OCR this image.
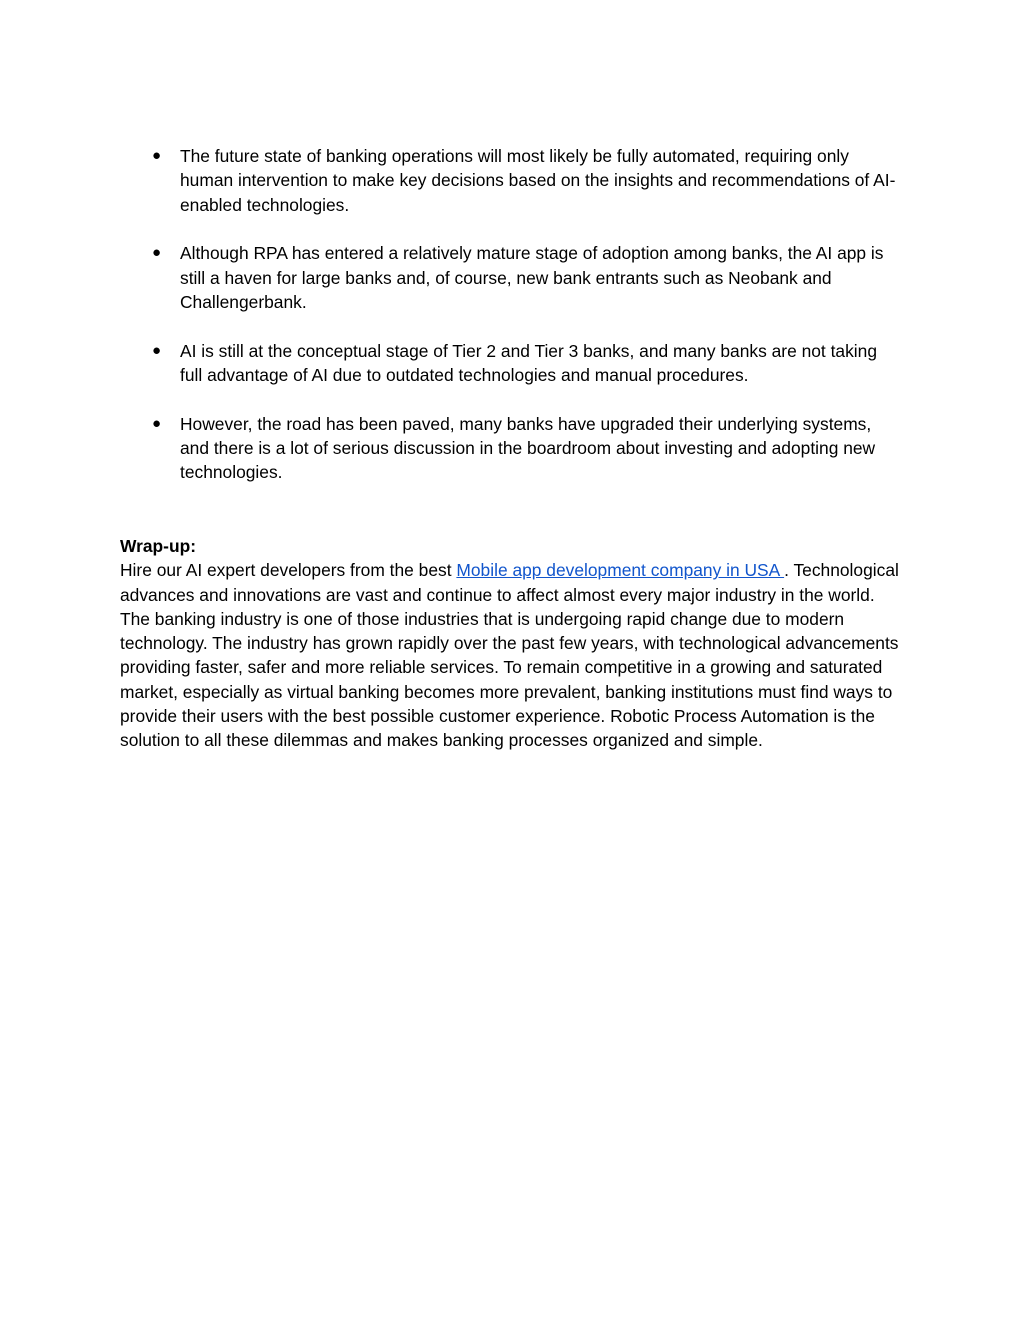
● The future state of banking operations will most likely be fully automated, requiring only human intervention to make key decisions based on the insights and recommendations of AI-enabled technologies.
● Although RPA has entered a relatively mature stage of adoption among banks, the AI app is still a haven for large banks and, of course, new bank entrants such as Neobank and Challengerbank.
● AI is still at the conceptual stage of Tier 2 and Tier 3 banks, and many banks are not taking full advantage of AI due to outdated technologies and manual procedures.
● However, the road has been paved, many banks have upgraded their underlying systems, and there is a lot of serious discussion in the boardroom about investing and adopting new technologies.

Wrap-up:

Hire our AI expert developers from the best Mobile app development company in USA . Technological advances and innovations are vast and continue to affect almost every major industry in the world. The banking industry is one of those industries that is undergoing rapid change due to modern technology. The industry has grown rapidly over the past few years, with technological advancements providing faster, safer and more reliable services. To remain competitive in a growing and saturated market, especially as virtual banking becomes more prevalent, banking institutions must find ways to provide their users with the best possible customer experience. Robotic Process Automation is the solution to all these dilemmas and makes banking processes organized and simple.
